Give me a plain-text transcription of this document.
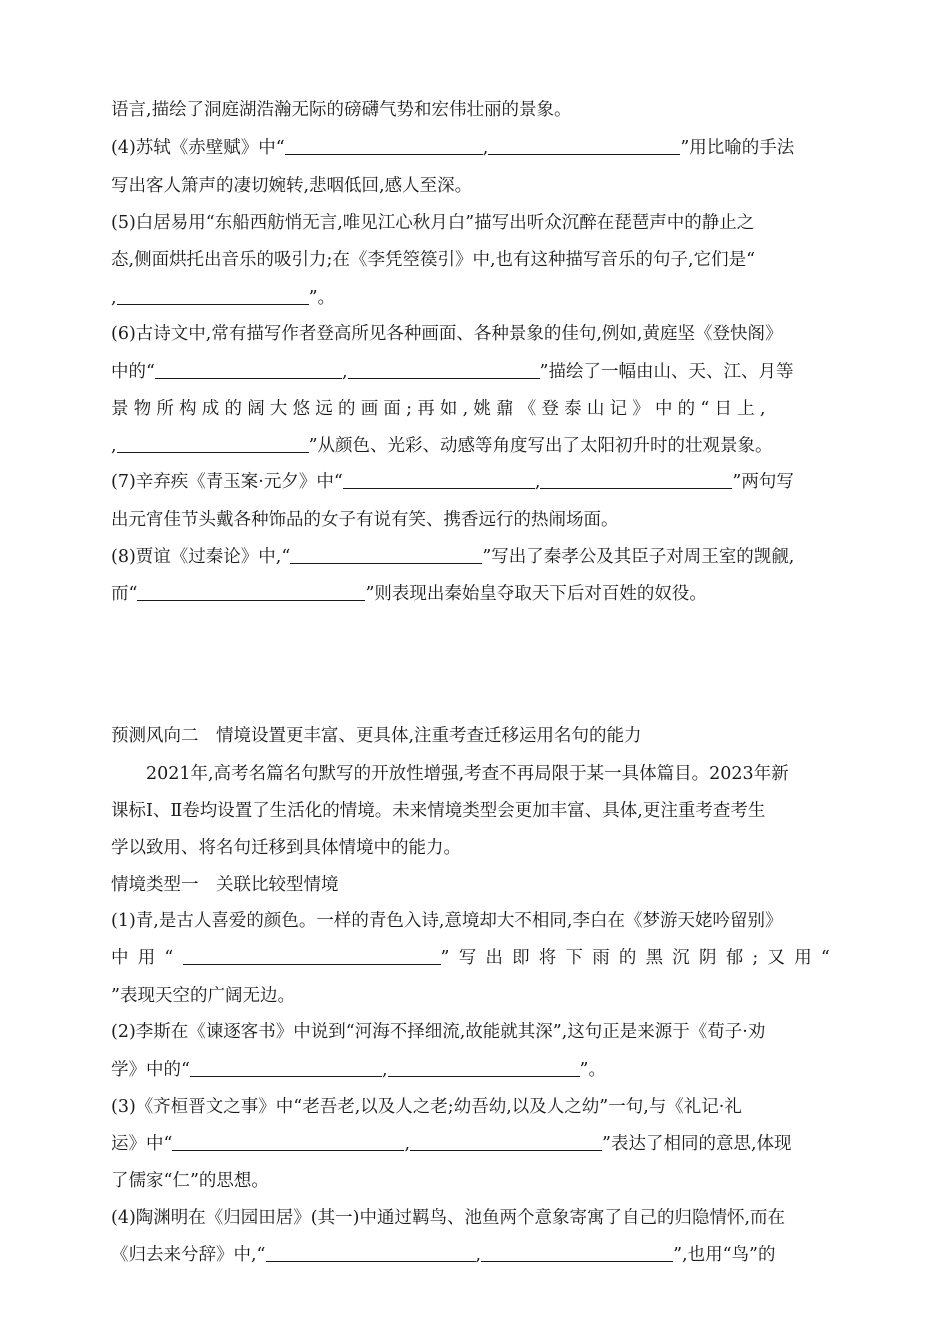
语言,描绘了洞庭湖浩瀚无际的磅礴气势和宏伟壮丽的景象。
(4)苏轼《赤壁赋》中“	,	”用比喻的手法
写出客人箫声的凄切婉转,悲咽低回,感人至深。
(5)白居易用“东船西舫悄无言,唯见江心秋月白”描写出听众沉醉在琵琶声中的静止之
态,侧面烘托出音乐的吸引力;在《李凭箜篌引》中,也有这种描写音乐的句子,它们是“
,	”。
(6)古诗文中,常有描写作者登高所见各种画面、各种景象的佳句,例如,黄庭坚《登快阁》
中的“	,	”描绘了一幅由山、天、江、月等
景物所构成的阔大悠远的画面;再如,姚鼐《登泰山记》中的“日上,
,	”从颜色、光彩、动感等角度写出了太阳初升时的壮观景象。
(7)辛弃疾《青玉案·元夕》中“	,	”两句写
出元宵佳节头戴各种饰品的女子有说有笑、携香远行的热闹场面。
(8)贾谊《过秦论》中,“	”写出了秦孝公及其臣子对周王室的觊觎,
而“	”则表现出秦始皇夺取天下后对百姓的奴役。
预测风向二　情境设置更丰富、更具体,注重考查迁移运用名句的能力
2021年,高考名篇名句默写的开放性增强,考查不再局限于某一具体篇目。2023年新
课标Ⅰ、Ⅱ卷均设置了生活化的情境。未来情境类型会更加丰富、具体,更注重考查考生
学以致用、将名句迁移到具体情境中的能力。
情境类型一　关联比较型情境
(1)青,是古人喜爱的颜色。一样的青色入诗,意境却大不相同,李白在《梦游天姥吟留别》
中用“	”写出即将下雨的黑沉阴郁;又用“
”表现天空的广阔无边。
(2)李斯在《谏逐客书》中说到“河海不择细流,故能就其深”,这句正是来源于《荀子·劝
学》中的“	,	”。
(3)《齐桓晋文之事》中“老吾老,以及人之老;幼吾幼,以及人之幼”一句,与《礼记·礼
运》中“	,	”表达了相同的意思,体现
了儒家“仁”的思想。
(4)陶渊明在《归园田居》(其一)中通过羁鸟、池鱼两个意象寄寓了自己的归隐情怀,而在
《归去来兮辞》中,“	,	”,也用“鸟”的
